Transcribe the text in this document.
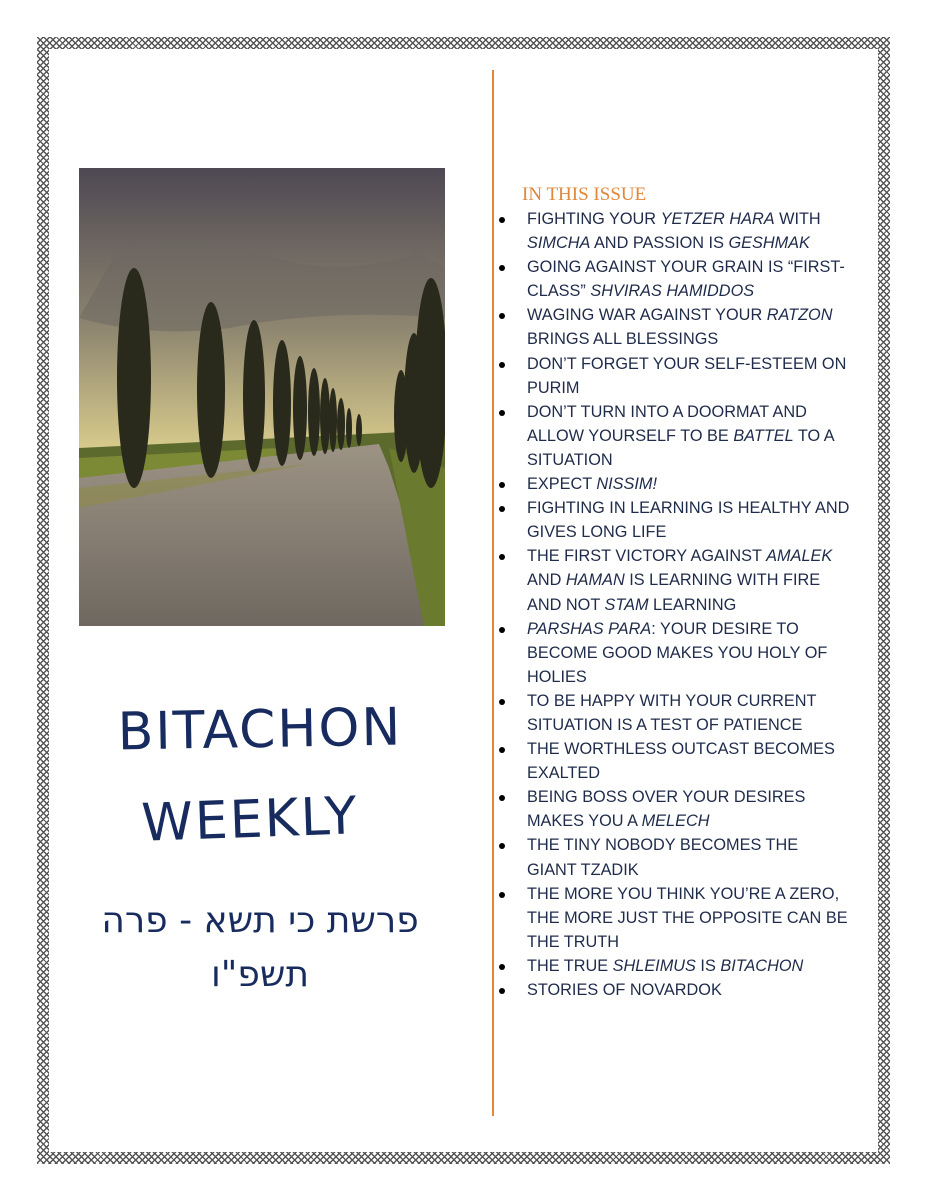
BITACHON
WEEKLY
פרשת כי תשא - פרה
תשפ"ו
IN THIS ISSUE
FIGHTING YOUR YETZER HARA WITH SIMCHA AND PASSION IS GESHMAK
GOING AGAINST YOUR GRAIN IS “FIRST-CLASS” SHVIRAS HAMIDDOS
WAGING WAR AGAINST YOUR RATZON BRINGS ALL BLESSINGS
DON’T FORGET YOUR SELF-ESTEEM ON PURIM
DON’T TURN INTO A DOORMAT AND ALLOW YOURSELF TO BE BATTEL TO A SITUATION
EXPECT NISSIM!
FIGHTING IN LEARNING IS HEALTHY AND GIVES LONG LIFE
THE FIRST VICTORY AGAINST AMALEK AND HAMAN IS LEARNING WITH FIRE AND NOT STAM LEARNING
PARSHAS PARA: YOUR DESIRE TO BECOME GOOD MAKES YOU HOLY OF HOLIES
TO BE HAPPY WITH YOUR CURRENT SITUATION IS A TEST OF PATIENCE
THE WORTHLESS OUTCAST BECOMES EXALTED
BEING BOSS OVER YOUR DESIRES MAKES YOU A MELECH
THE TINY NOBODY BECOMES THE GIANT TZADIK
THE MORE YOU THINK YOU’RE A ZERO, THE MORE JUST THE OPPOSITE CAN BE THE TRUTH
THE TRUE SHLEIMUS IS BITACHON
STORIES OF NOVARDOK
